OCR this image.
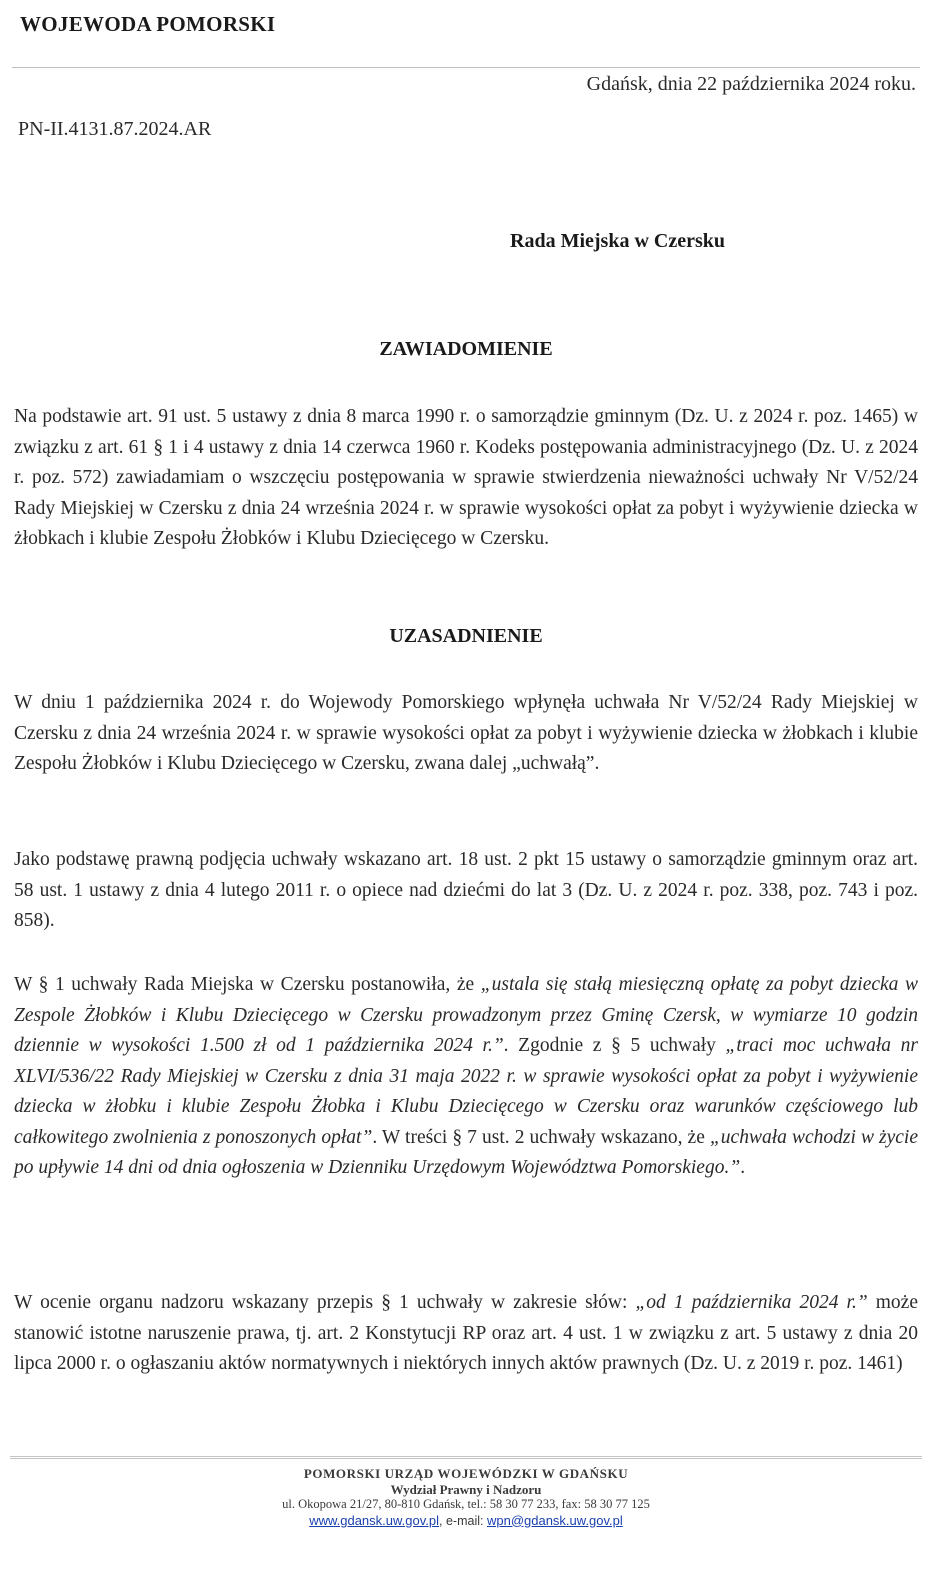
WOJEWODA POMORSKI
Gdańsk, dnia 22 października 2024 roku.
PN-II.4131.87.2024.AR
Rada Miejska w Czersku
ZAWIADOMIENIE
Na podstawie art. 91 ust. 5 ustawy z dnia 8 marca 1990 r. o samorządzie gminnym (Dz. U. z 2024 r. poz. 1465) w związku z art. 61 § 1 i 4 ustawy z dnia 14 czerwca 1960 r. Kodeks postępowania administracyjnego (Dz. U. z 2024 r. poz. 572) zawiadamiam o wszczęciu postępowania w sprawie stwierdzenia nieważności uchwały Nr V/52/24 Rady Miejskiej w Czersku z dnia 24 września 2024 r. w sprawie wysokości opłat za pobyt i wyżywienie dziecka w żłobkach i klubie Zespołu Żłobków i Klubu Dziecięcego w Czersku.
UZASADNIENIE
W dniu 1 października 2024 r. do Wojewody Pomorskiego wpłynęła uchwała Nr V/52/24 Rady Miejskiej w Czersku z dnia 24 września 2024 r. w sprawie wysokości opłat za pobyt i wyżywienie dziecka w żłobkach i klubie Zespołu Żłobków i Klubu Dziecięcego w Czersku, zwana dalej „uchwałą”.
Jako podstawę prawną podjęcia uchwały wskazano art. 18 ust. 2 pkt 15 ustawy o samorządzie gminnym oraz art. 58 ust. 1 ustawy z dnia 4 lutego 2011 r. o opiece nad dziećmi do lat 3 (Dz. U. z 2024 r. poz. 338, poz. 743 i poz. 858).
W § 1 uchwały Rada Miejska w Czersku postanowiła, że „ustala się stałą miesięczną opłatę za pobyt dziecka w Zespole Żłobków i Klubu Dziecięcego w Czersku prowadzonym przez Gminę Czersk, w wymiarze 10 godzin dziennie w wysokości 1.500 zł od 1 października 2024 r.”. Zgodnie z § 5 uchwały „traci moc uchwała nr XLVI/536/22 Rady Miejskiej w Czersku z dnia 31 maja 2022 r. w sprawie wysokości opłat za pobyt i wyżywienie dziecka w żłobku i klubie Zespołu Żłobka i Klubu Dziecięcego w Czersku oraz warunków częściowego lub całkowitego zwolnienia z ponoszonych opłat”. W treści § 7 ust. 2 uchwały wskazano, że „uchwała wchodzi w życie po upływie 14 dni od dnia ogłoszenia w Dzienniku Urzędowym Województwa Pomorskiego.”.
W ocenie organu nadzoru wskazany przepis § 1 uchwały w zakresie słów: „od 1 października 2024 r.” może stanowić istotne naruszenie prawa, tj. art. 2 Konstytucji RP oraz art. 4 ust. 1 w związku z art. 5 ustawy z dnia 20 lipca 2000 r. o ogłaszaniu aktów normatywnych i niektórych innych aktów prawnych (Dz. U. z 2019 r. poz. 1461)
POMORSKI URZĄD WOJEWÓDZKI W GDAŃSKU
Wydział Prawny i Nadzoru
ul. Okopowa 21/27, 80-810 Gdańsk, tel.: 58 30 77 233, fax: 58 30 77 125
www.gdansk.uw.gov.pl, e-mail: wpn@gdansk.uw.gov.pl
